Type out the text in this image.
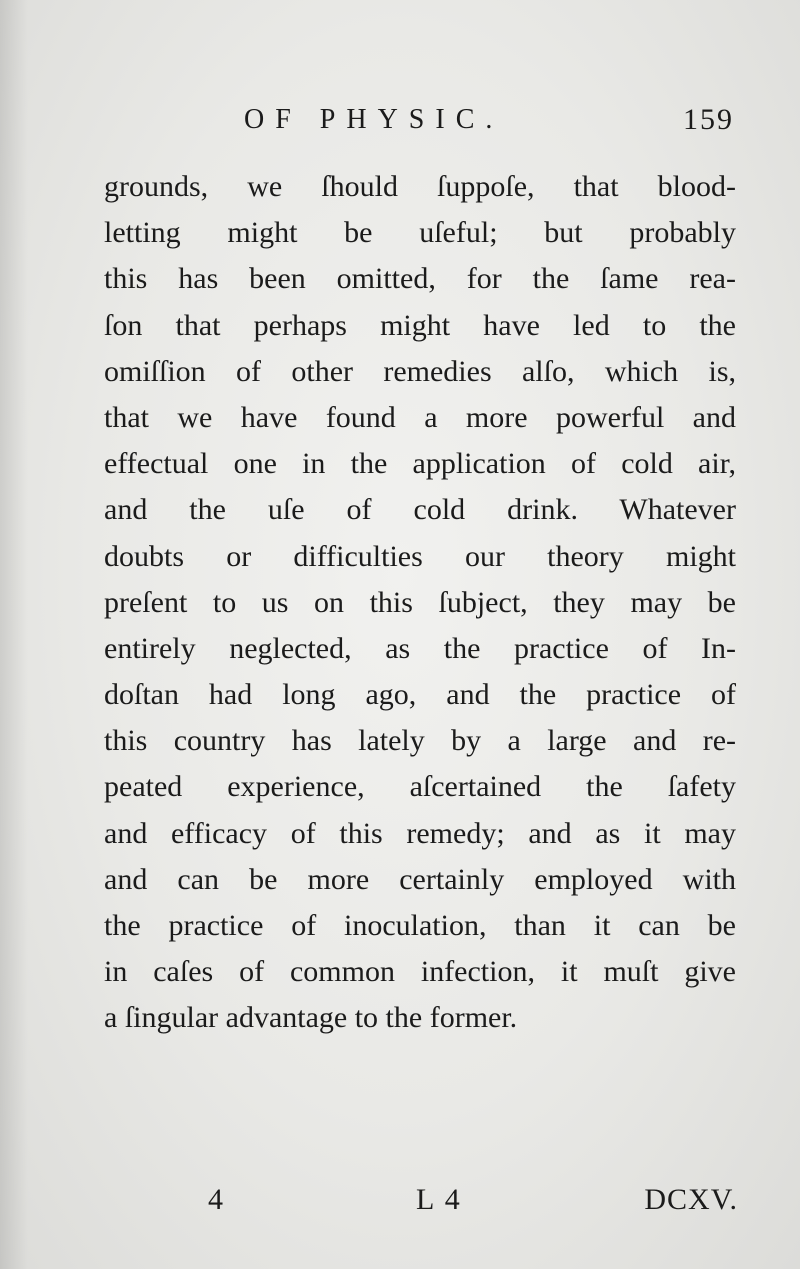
OF PHYSIC.	159
grounds, we ſhould ſuppoſe, that blood-
letting might be uſeful; but probably
this has been omitted, for the ſame rea-
ſon that perhaps might have led to the
omiſſion of other remedies alſo, which is,
that we have found a more powerful and
effectual one in the application of cold air,
and the uſe of cold drink. Whatever
doubts or difficulties our theory might
preſent to us on this ſubject, they may be
entirely neglected, as the practice of In-
doſtan had long ago, and the practice of
this country has lately by a large and re-
peated experience, aſcertained the ſafety
and efficacy of this remedy; and as it may
and can be more certainly employed with
the practice of inoculation, than it can be
in caſes of common infection, it muſt give
a ſingular advantage to the former.
4	L 4	DCXV.
